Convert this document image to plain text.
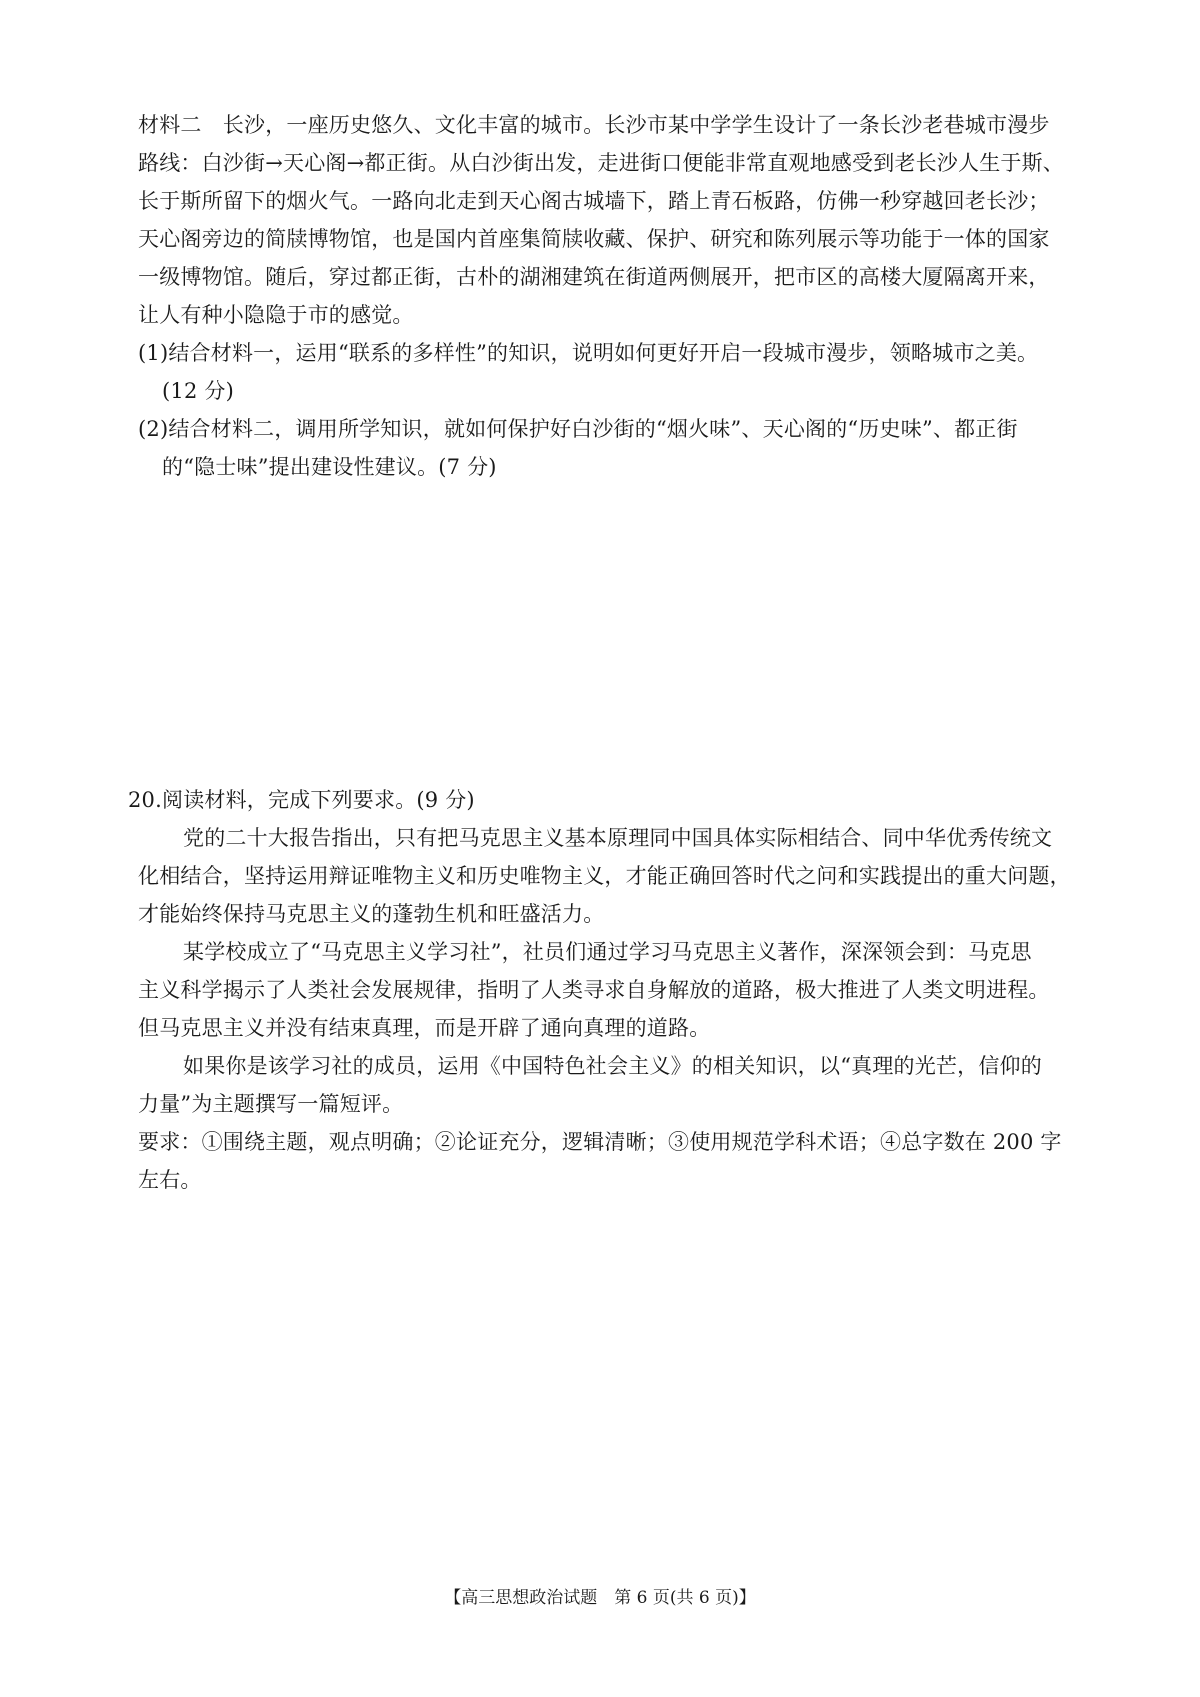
材料二　长沙，一座历史悠久、文化丰富的城市。长沙市某中学学生设计了一条长沙老巷城市漫步
路线：白沙街→天心阁→都正街。从白沙街出发，走进街口便能非常直观地感受到老长沙人生于斯、
长于斯所留下的烟火气。一路向北走到天心阁古城墙下，踏上青石板路，仿佛一秒穿越回老长沙；
天心阁旁边的简牍博物馆，也是国内首座集简牍收藏、保护、研究和陈列展示等功能于一体的国家
一级博物馆。随后，穿过都正街，古朴的湖湘建筑在街道两侧展开，把市区的高楼大厦隔离开来，
让人有种小隐隐于市的感觉。
(1)结合材料一，运用“联系的多样性”的知识，说明如何更好开启一段城市漫步，领略城市之美。
(12 分)
(2)结合材料二，调用所学知识，就如何保护好白沙街的“烟火味”、天心阁的“历史味”、都正街
的“隐士味”提出建设性建议。(7 分)
20.阅读材料，完成下列要求。(9 分)
党的二十大报告指出，只有把马克思主义基本原理同中国具体实际相结合、同中华优秀传统文
化相结合，坚持运用辩证唯物主义和历史唯物主义，才能正确回答时代之问和实践提出的重大问题，
才能始终保持马克思主义的蓬勃生机和旺盛活力。
某学校成立了“马克思主义学习社”，社员们通过学习马克思主义著作，深深领会到：马克思
主义科学揭示了人类社会发展规律，指明了人类寻求自身解放的道路，极大推进了人类文明进程。
但马克思主义并没有结束真理，而是开辟了通向真理的道路。
如果你是该学习社的成员，运用《中国特色社会主义》的相关知识，以“真理的光芒，信仰的
力量”为主题撰写一篇短评。
要求：①围绕主题，观点明确；②论证充分，逻辑清晰；③使用规范学科术语；④总字数在 200 字
左右。
【高三思想政治试题　第 6 页(共 6 页)】
